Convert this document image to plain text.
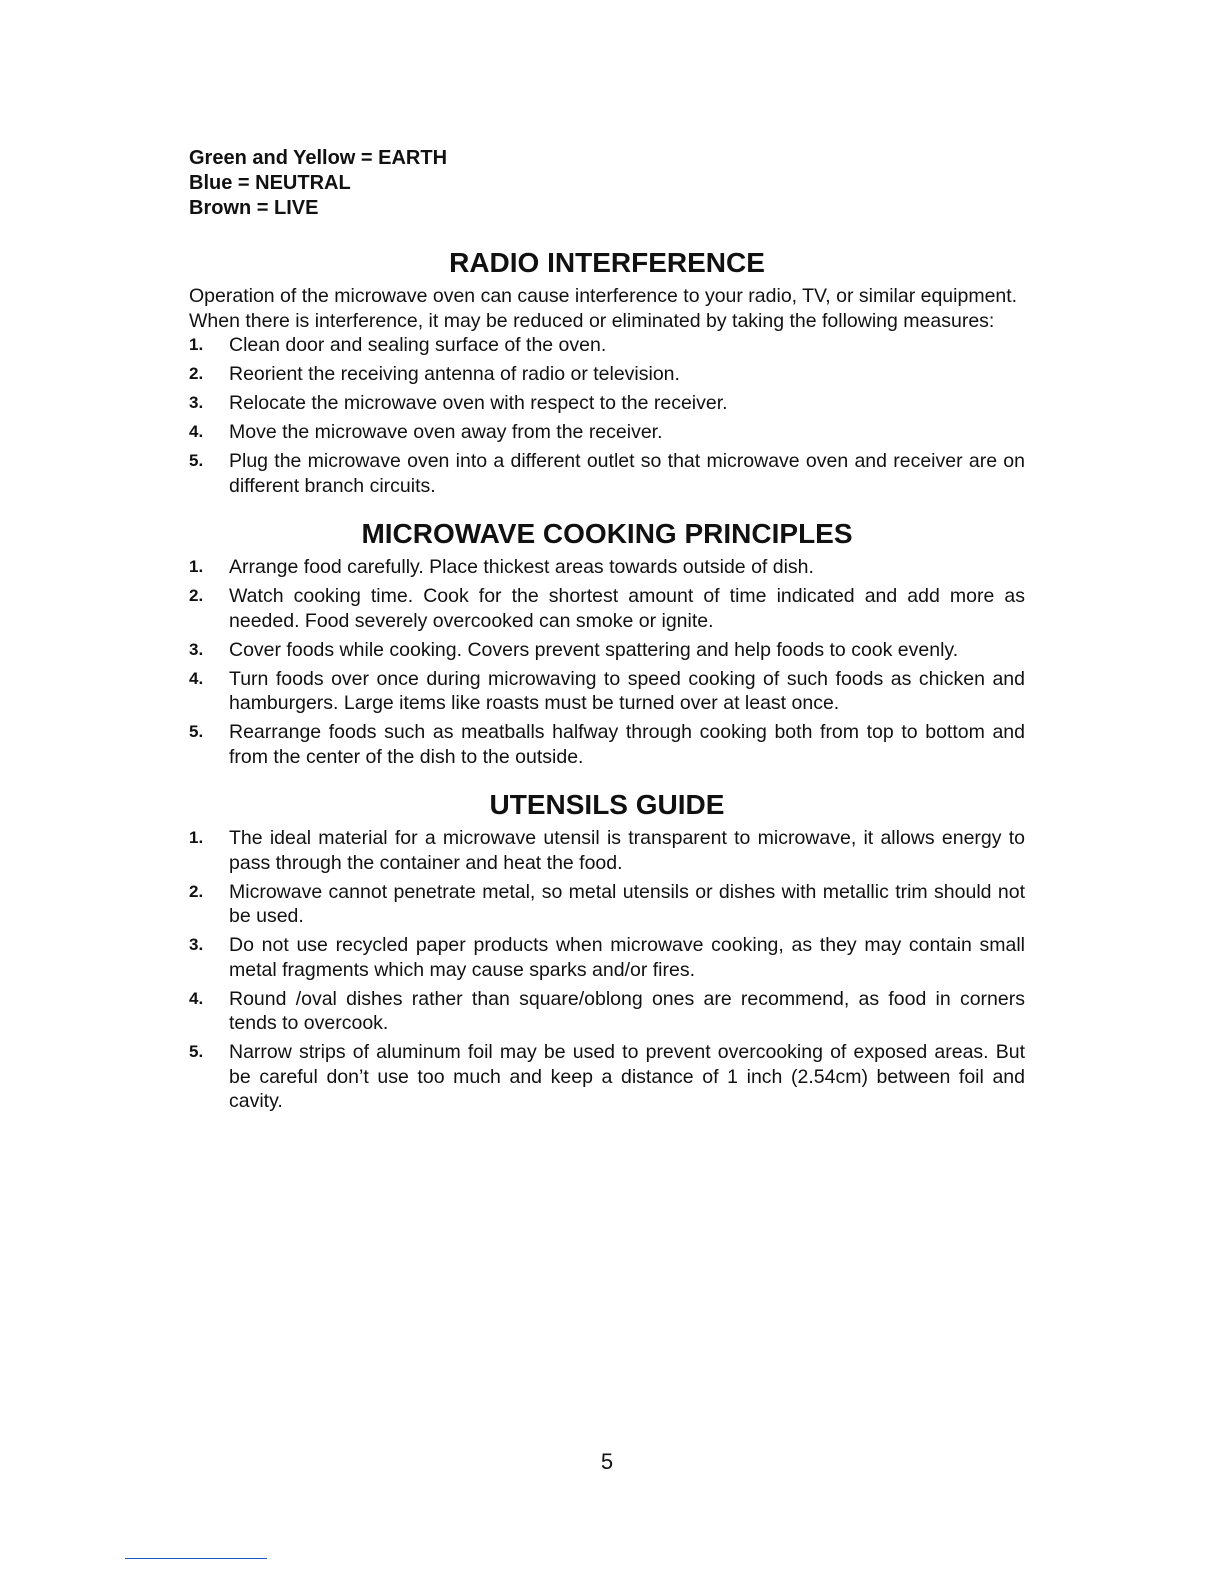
Green and Yellow = EARTH

Blue = NEUTRAL

Brown = LIVE

RADIO INTERFERENCE

Operation of the microwave oven can cause interference to your radio, TV, or similar equipment.

When there is interference, it may be reduced or eliminated by taking the following measures:

1. Clean door and sealing surface of the oven.
2. Reorient the receiving antenna of radio or television.
3. Relocate the microwave oven with respect to the receiver.
4. Move the microwave oven away from the receiver.
5. Plug the microwave oven into a different outlet so that microwave oven and receiver are on different branch circuits.
MICROWAVE COOKING PRINCIPLES
1. Arrange food carefully. Place thickest areas towards outside of dish.
2. Watch cooking time. Cook for the shortest amount of time indicated and add more as needed. Food severely overcooked can smoke or ignite.
3. Cover foods while cooking. Covers prevent spattering and help foods to cook evenly.
4. Turn foods over once during microwaving to speed cooking of such foods as chicken and hamburgers. Large items like roasts must be turned over at least once.
5. Rearrange foods such as meatballs halfway through cooking both from top to bottom and from the center of the dish to the outside.
UTENSILS GUIDE
1. The ideal material for a microwave utensil is transparent to microwave, it allows energy to pass through the container and heat the food.
2. Microwave cannot penetrate metal, so metal utensils or dishes with metallic trim should not be used.
3. Do not use recycled paper products when microwave cooking, as they may contain small metal fragments which may cause sparks and/or fires.
4. Round /oval dishes rather than square/oblong ones are recommend, as food in corners tends to overcook.
5. Narrow strips of aluminum foil may be used to prevent overcooking of exposed areas. But be careful don’t use too much and keep a distance of 1 inch (2.54cm) between foil and cavity.
5
